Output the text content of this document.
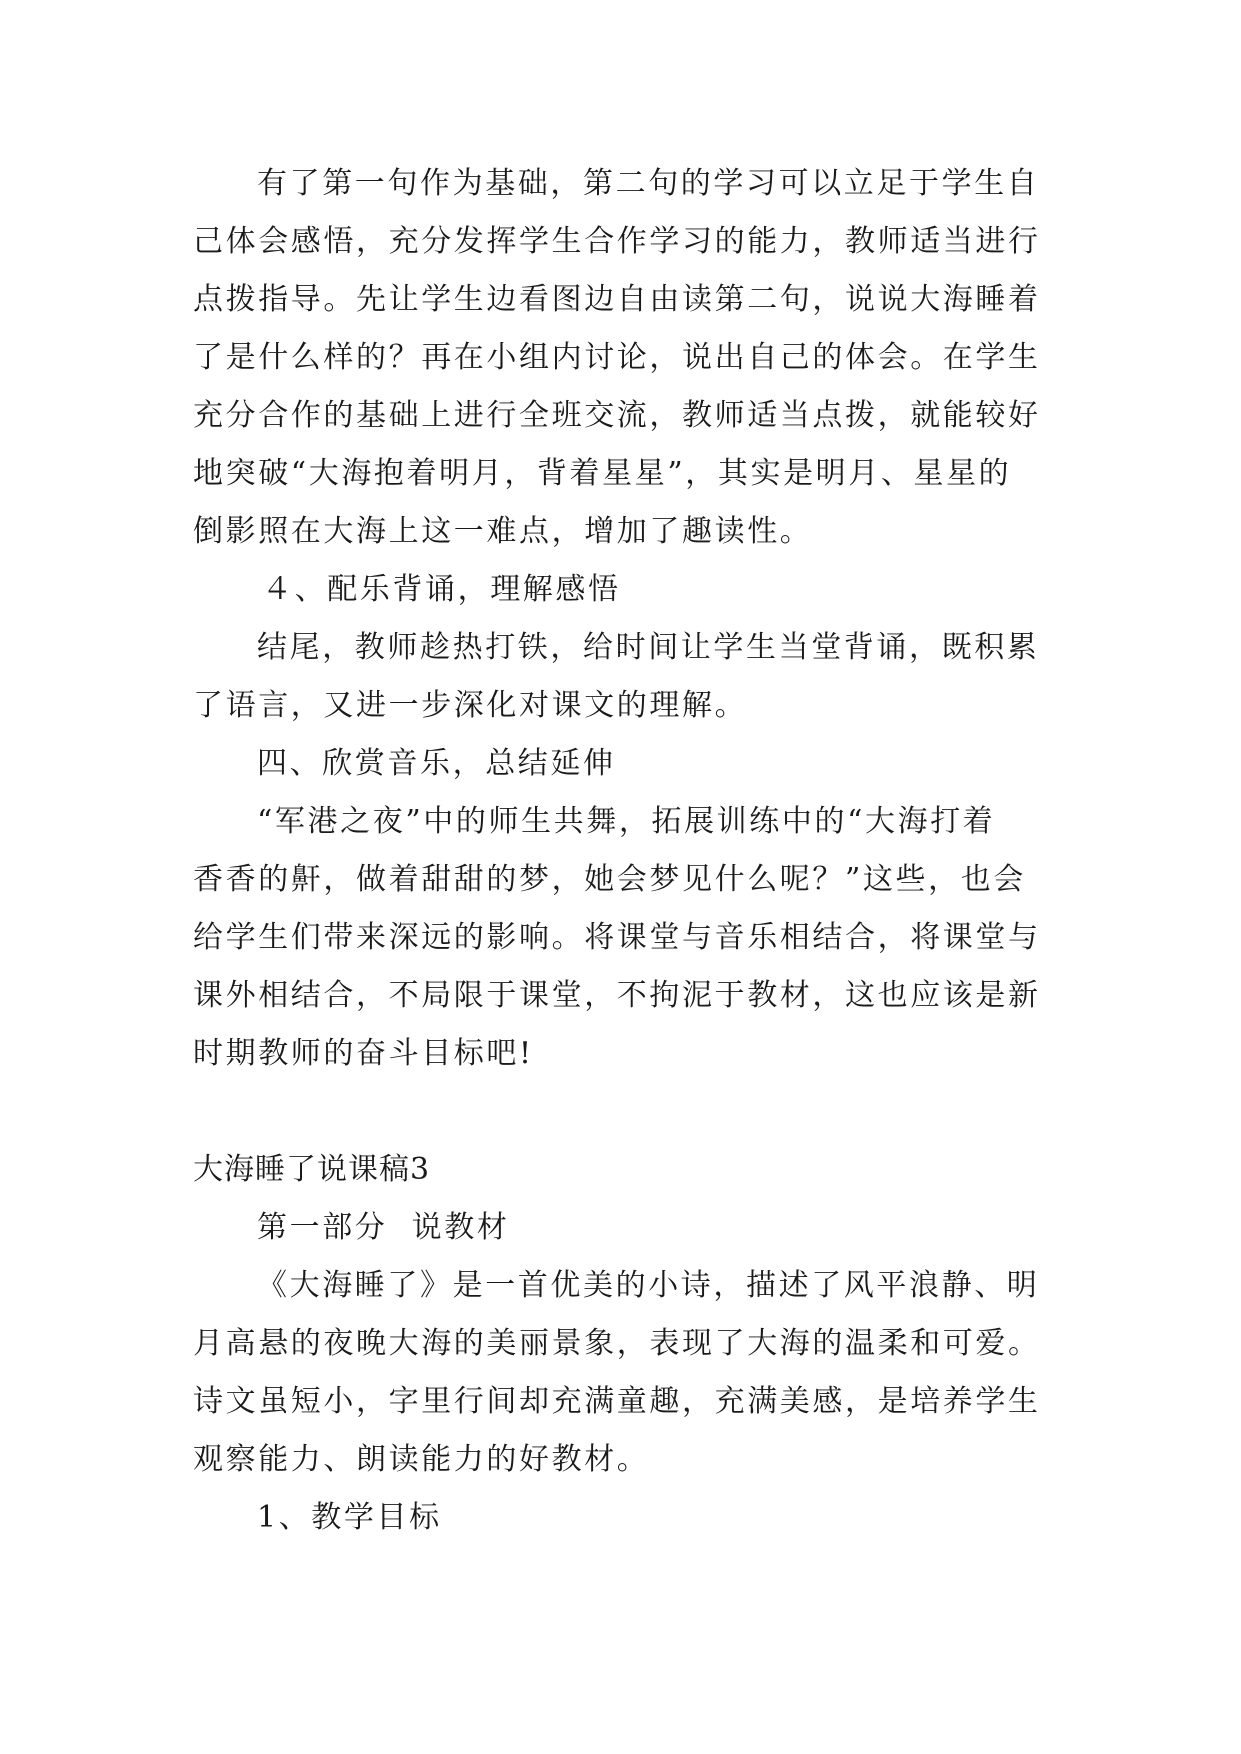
有了第一句作为基础，第二句的学习可以立足于学生自
己体会感悟，充分发挥学生合作学习的能力，教师适当进行
点拨指导。先让学生边看图边自由读第二句，说说大海睡着
了是什么样的？再在小组内讨论，说出自己的体会。在学生
充分合作的基础上进行全班交流，教师适当点拨，就能较好
地突破“大海抱着明月，背着星星”，其实是明月、星星的
倒影照在大海上这一难点，增加了趣读性。
４、配乐背诵，理解感悟
结尾，教师趁热打铁，给时间让学生当堂背诵，既积累
了语言，又进一步深化对课文的理解。
四、欣赏音乐，总结延伸
“军港之夜”中的师生共舞，拓展训练中的“大海打着
香香的鼾，做着甜甜的梦，她会梦见什么呢？”这些，也会
给学生们带来深远的影响。将课堂与音乐相结合，将课堂与
课外相结合，不局限于课堂，不拘泥于教材，这也应该是新
时期教师的奋斗目标吧!
大海睡了说课稿3
第一部分  说教材
《大海睡了》是一首优美的小诗，描述了风平浪静、明
月高悬的夜晚大海的美丽景象，表现了大海的温柔和可爱。
诗文虽短小，字里行间却充满童趣，充满美感，是培养学生
观察能力、朗读能力的好教材。
1、教学目标
